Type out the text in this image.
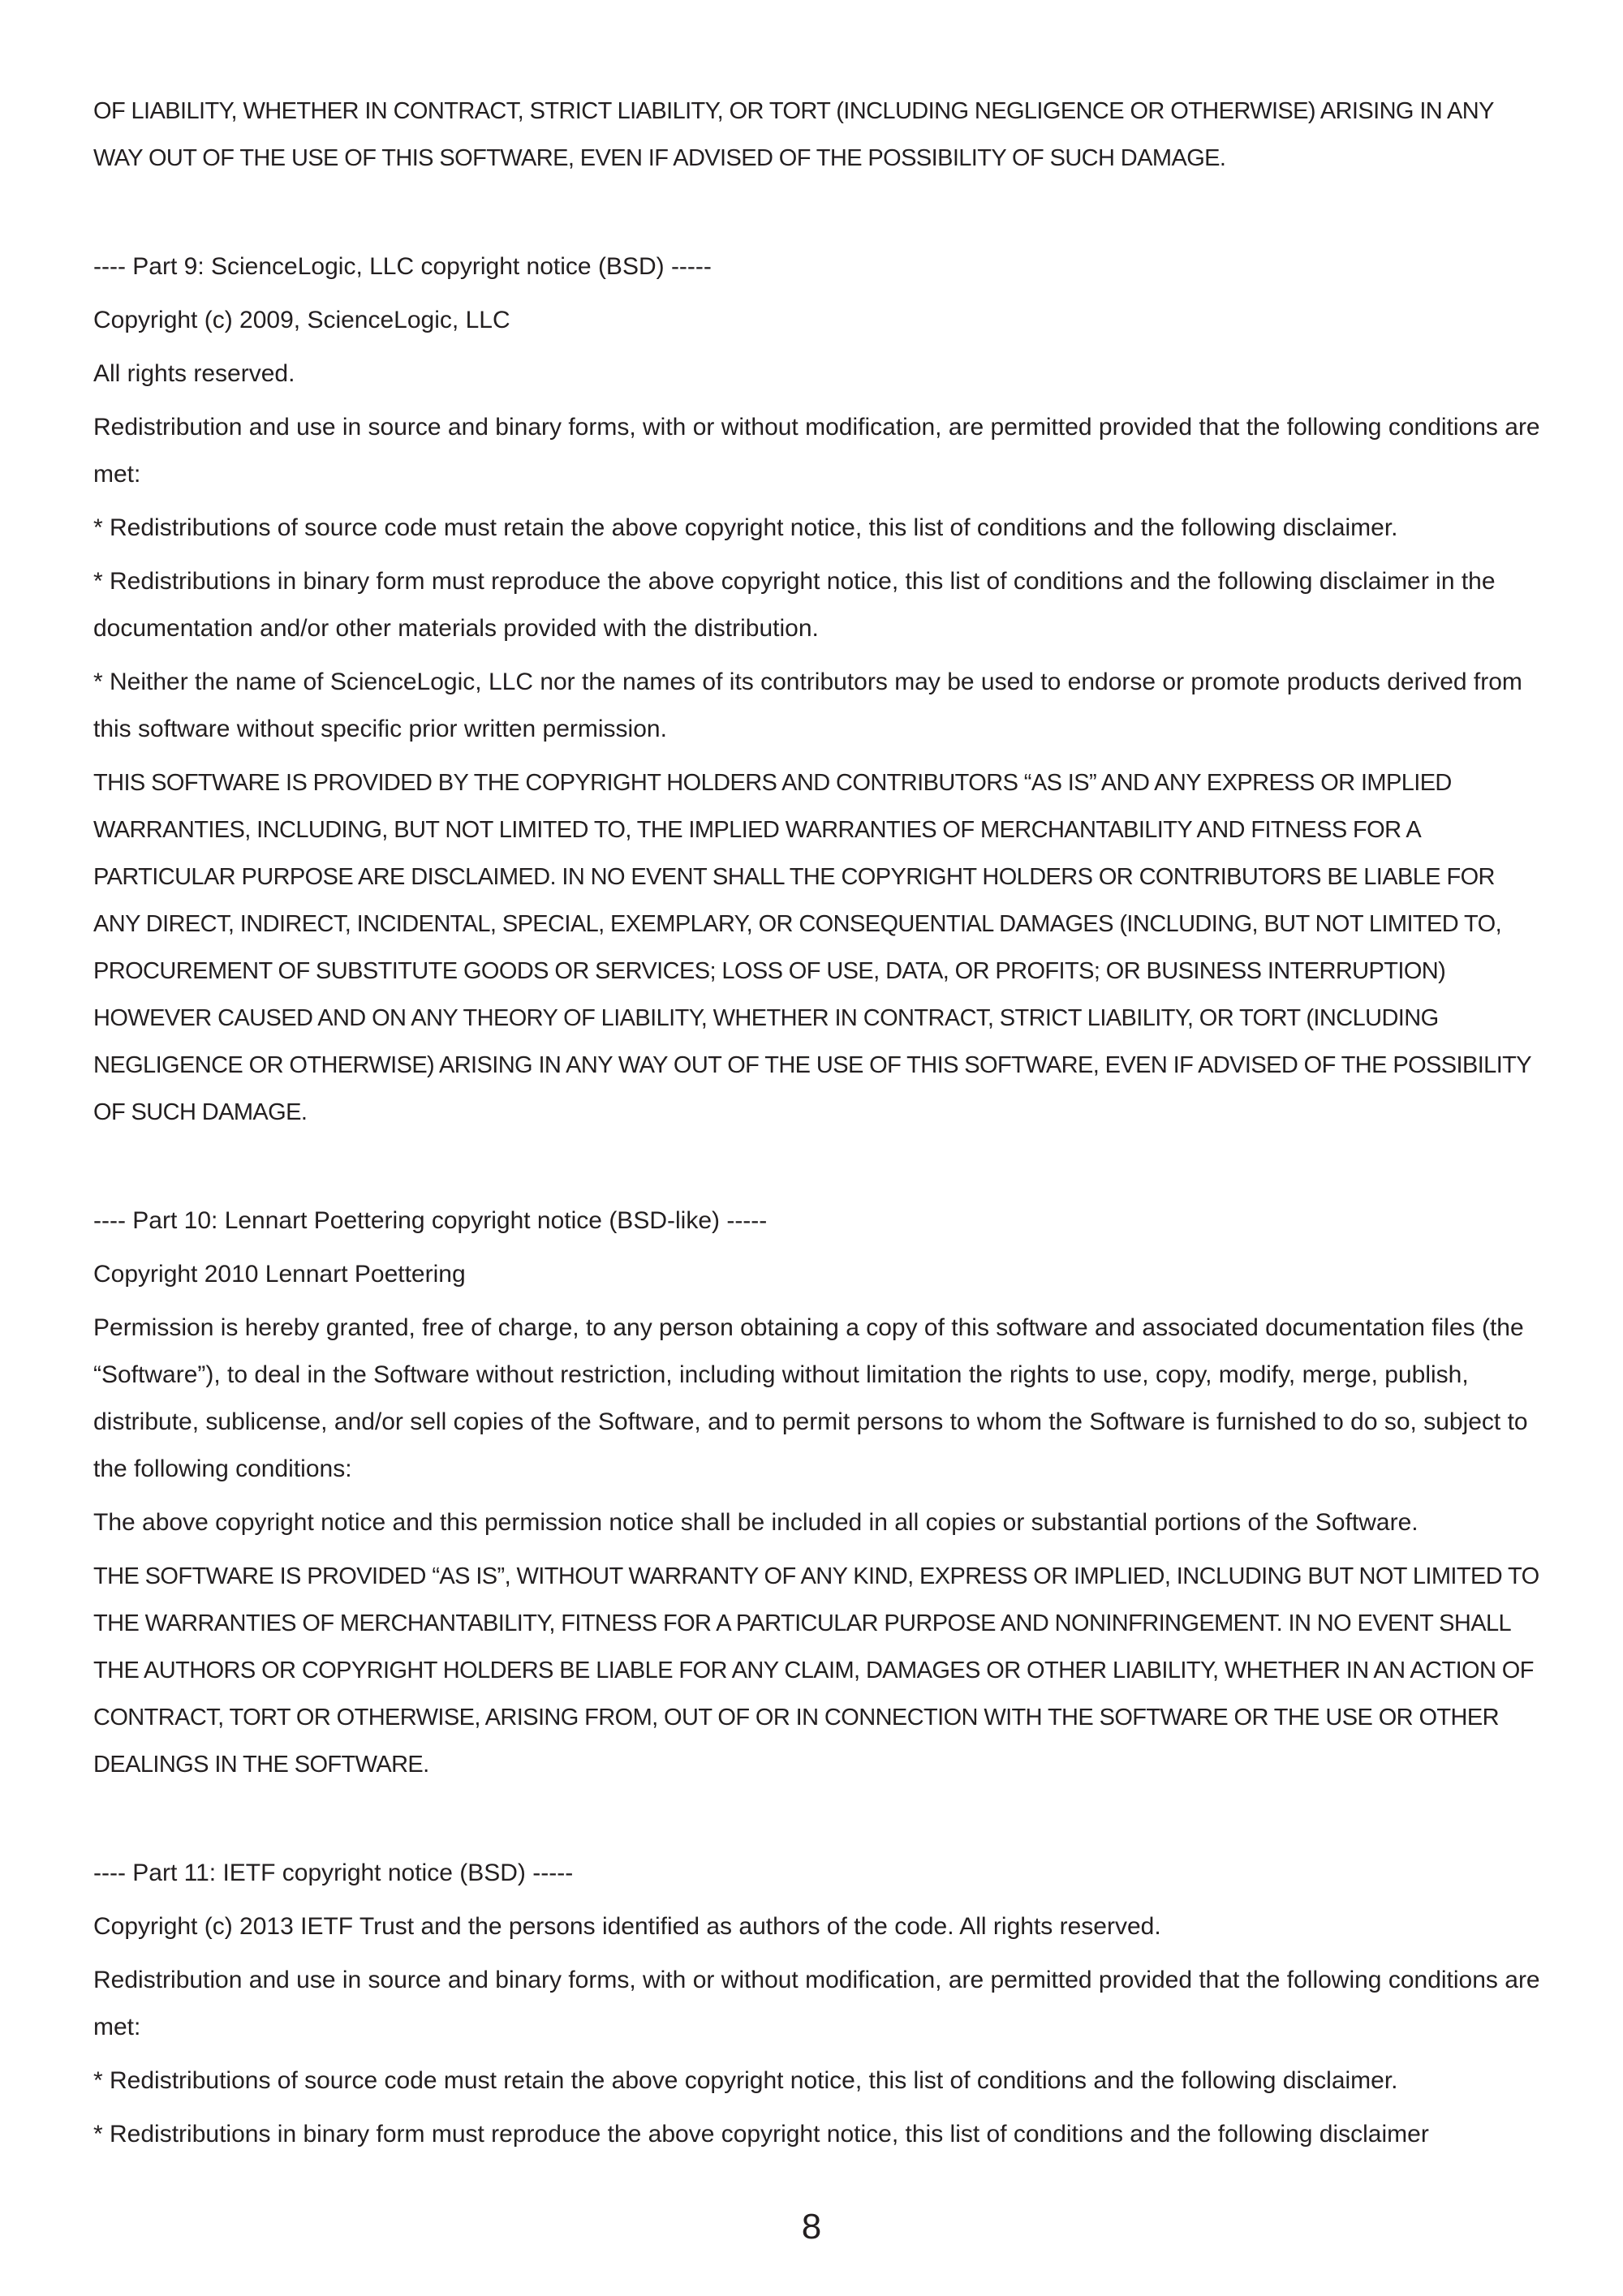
OF LIABILITY, WHETHER IN CONTRACT, STRICT LIABILITY, OR TORT (INCLUDING NEGLIGENCE OR OTHERWISE) ARISING IN ANY WAY OUT OF THE USE OF THIS SOFTWARE, EVEN IF ADVISED OF THE POSSIBILITY OF SUCH DAMAGE.

---- Part 9: ScienceLogic, LLC copyright notice (BSD) -----

Copyright (c) 2009, ScienceLogic, LLC

All rights reserved.

Redistribution and use in source and binary forms, with or without modification, are permitted provided that the following conditions are met:

* Redistributions of source code must retain the above copyright notice, this list of conditions and the following disclaimer.

* Redistributions in binary form must reproduce the above copyright notice, this list of conditions and the following disclaimer in the documentation and/or other materials provided with the distribution.

* Neither the name of ScienceLogic, LLC nor the names of its contributors may be used to endorse or promote products derived from this software without specific prior written permission.

THIS SOFTWARE IS PROVIDED BY THE COPYRIGHT HOLDERS AND CONTRIBUTORS “AS IS” AND ANY EXPRESS OR IMPLIED WARRANTIES, INCLUDING, BUT NOT LIMITED TO, THE IMPLIED WARRANTIES OF MERCHANTABILITY AND FITNESS FOR A PARTICULAR PURPOSE ARE DISCLAIMED. IN NO EVENT SHALL THE COPYRIGHT HOLDERS OR CONTRIBUTORS BE LIABLE FOR ANY DIRECT, INDIRECT, INCIDENTAL, SPECIAL, EXEMPLARY, OR CONSEQUENTIAL DAMAGES (INCLUDING, BUT NOT LIMITED TO, PROCUREMENT OF SUBSTITUTE GOODS OR SERVICES; LOSS OF USE, DATA, OR PROFITS; OR BUSINESS INTERRUPTION) HOWEVER CAUSED AND ON ANY THEORY OF LIABILITY, WHETHER IN CONTRACT, STRICT LIABILITY, OR TORT (INCLUDING NEGLIGENCE OR OTHERWISE) ARISING IN ANY WAY OUT OF THE USE OF THIS SOFTWARE, EVEN IF ADVISED OF THE POSSIBILITY OF SUCH DAMAGE.

---- Part 10: Lennart Poettering copyright notice (BSD-like) -----

Copyright 2010 Lennart Poettering

Permission is hereby granted, free of charge, to any person obtaining a copy of this software and associated documentation files (the “Software”), to deal in the Software without restriction, including without limitation the rights to use, copy, modify, merge, publish, distribute, sublicense, and/or sell copies of the Software, and to permit persons to whom the Software is furnished to do so, subject to the following conditions:

The above copyright notice and this permission notice shall be included in all copies or substantial portions of the Software.

THE SOFTWARE IS PROVIDED “AS IS”, WITHOUT WARRANTY OF ANY KIND, EXPRESS OR IMPLIED, INCLUDING BUT NOT LIMITED TO THE WARRANTIES OF MERCHANTABILITY, FITNESS FOR A PARTICULAR PURPOSE AND NONINFRINGEMENT. IN NO EVENT SHALL THE AUTHORS OR COPYRIGHT HOLDERS BE LIABLE FOR ANY CLAIM, DAMAGES OR OTHER LIABILITY, WHETHER IN AN ACTION OF CONTRACT, TORT OR OTHERWISE, ARISING FROM, OUT OF OR IN CONNECTION WITH THE SOFTWARE OR THE USE OR OTHER DEALINGS IN THE SOFTWARE.

---- Part 11: IETF copyright notice (BSD) -----

Copyright (c) 2013 IETF Trust and the persons identified as authors of the code. All rights reserved.

Redistribution and use in source and binary forms, with or without modification, are permitted provided that the following conditions are met:

* Redistributions of source code must retain the above copyright notice, this list of conditions and the following disclaimer.

* Redistributions in binary form must reproduce the above copyright notice, this list of conditions and the following disclaimer

8
